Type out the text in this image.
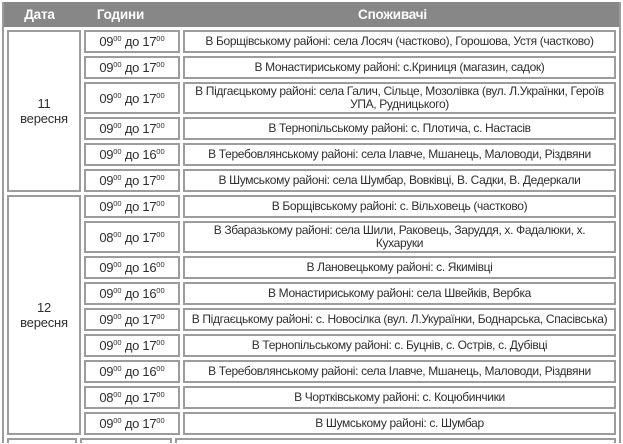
Дата	Години	Споживачі
11 вересня	$09^{00}$ до $17^{00}$	В Борщівському районі: села Лосяч (частково), Горошова, Устя (частково)
	$09^{00}$ до $17^{00}$	В Монастириському районі: с.Криниця (магазин, садок)
	$09^{00}$ до $17^{00}$	В Підгаєцькому районі: села Галич, Сільце, Мозолівка (вул. Л.Українки, Героїв УПА, Рудницького)
	$09^{00}$ до $17^{00}$	В Тернопільському районі: с. Плотича, с. Настасів
	$09^{00}$ до $16^{00}$	В Теребовлянському районі: села Ілавче, Мшанець, Маловоди, Різдвяни
	$09^{00}$ до $17^{00}$	В Шумському районі: села Шумбар, Вовківці, В. Садки, В. Дедеркали
12 вересня	$09^{00}$ до $17^{00}$	В Борщівському районі: с. Вільховець (частково)
	$08^{00}$ до $17^{00}$	В Збаразькому районі: села Шили, Раковець, Заруддя, х. Фадалюки, х. Кухаруки
	$09^{00}$ до $16^{00}$	В Лановецькому районі: с. Якимівці
	$09^{00}$ до $16^{00}$	В Монастириському районі: села Швейків, Вербка
	$09^{00}$ до $17^{00}$	В Підгаєцькому районі: с. Новосілка (вул. Л.Укураїнки, Боднарська, Спасівська)
	$09^{00}$ до $17^{00}$	В Тернопільському районі: с. Буцнів, с. Острів, с. Дубівці
	$09^{00}$ до $16^{00}$	В Теребовлянському районі: села Ілавче, Мшанець, Маловоди, Різдвяни
	$08^{00}$ до $17^{00}$	В Чортківському районі: с. Коцюбинчики
	$09^{00}$ до $17^{00}$	В Шумському районі: с. Шумбар
